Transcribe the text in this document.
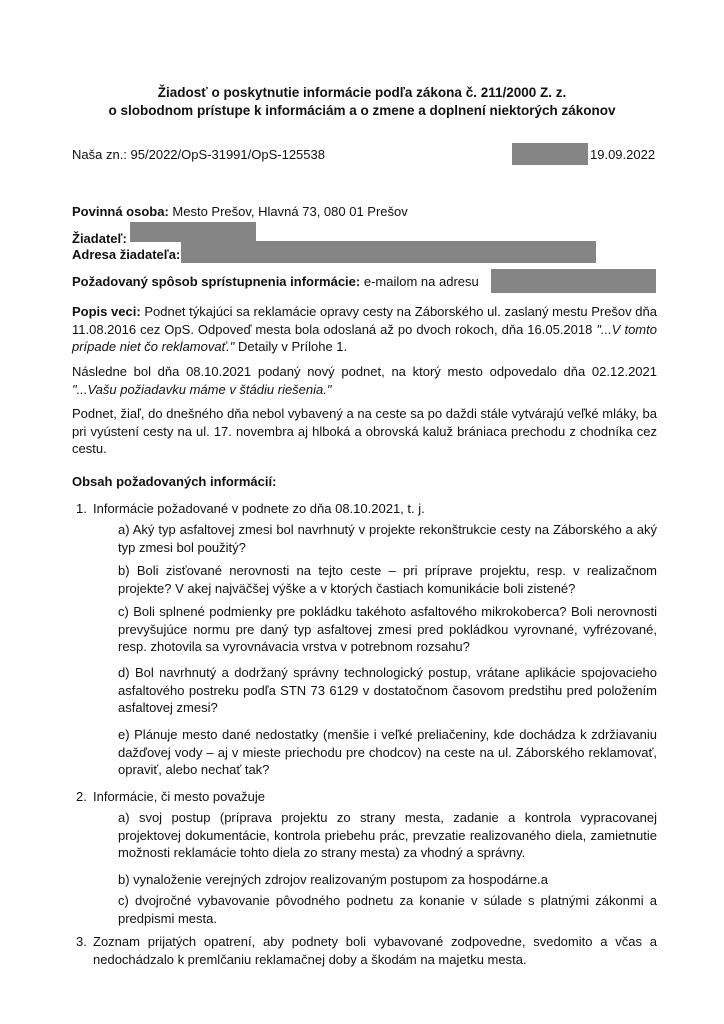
Žiadosť o poskytnutie informácie podľa zákona č. 211/2000 Z. z.
o slobodnom prístupe k informáciám a o zmene a doplnení niektorých zákonov
Naša zn.: 95/2022/OpS-31991/OpS-125538	19.09.2022
Povinná osoba: Mesto Prešov, Hlavná 73, 080 01 Prešov
Žiadateľ:
Adresa žiadateľa:
Požadovaný spôsob sprístupnenia informácie: e-mailom na adresu
Popis veci: Podnet týkajúci sa reklamácie opravy cesty na Záborského ul. zaslaný mestu Prešov dňa 11.08.2016 cez OpS. Odpoveď mesta bola odoslaná až po dvoch rokoch, dňa 16.05.2018 "...V tomto prípade niet čo reklamovať." Detaily v Prílohe 1.
Následne bol dňa 08.10.2021 podaný nový podnet, na ktorý mesto odpovedalo dňa 02.12.2021 "...Vašu požiadavku máme v štádiu riešenia."
Podnet, žiaľ, do dnešného dňa nebol vybavený a na ceste sa po daždi stále vytvárajú veľké mláky, ba pri vyústení cesty na ul. 17. novembra aj hlboká a obrovská kaluž brániaca prechodu z chodníka cez cestu.
Obsah požadovaných informácií:
1. Informácie požadované v podnete zo dňa 08.10.2021, t. j.
a) Aký typ asfaltovej zmesi bol navrhnutý v projekte rekonštrukcie cesty na Záborského a aký typ zmesi bol použitý?
b) Boli zisťované nerovnosti na tejto ceste – pri príprave projektu, resp. v realizačnom projekte? V akej najväčšej výške a v ktorých častiach komunikácie boli zistené?
c) Boli splnené podmienky pre pokládku takéhoto asfaltového mikrokoberca? Boli nerovnosti prevyšujúce normu pre daný typ asfaltovej zmesi pred pokládkou vyrovnané, vyfrézované, resp. zhotovila sa vyrovnávacia vrstva v potrebnom rozsahu?
d) Bol navrhnutý a dodržaný správny technologický postup, vrátane aplikácie spojovacieho asfaltového postreku podľa STN 73 6129 v dostatočnom časovom predstihu pred položením asfaltovej zmesi?
e) Plánuje mesto dané nedostatky (menšie i veľké preliačeniny, kde dochádza k zdržiavaniu dažďovej vody – aj v mieste priechodu pre chodcov) na ceste na ul. Záborského reklamovať, opraviť, alebo nechať tak?
2. Informácie, či mesto považuje
a) svoj postup (príprava projektu zo strany mesta, zadanie a kontrola vypracovanej projektovej dokumentácie, kontrola priebehu prác, prevzatie realizovaného diela, zamietnutie možnosti reklamácie tohto diela zo strany mesta) za vhodný a správny.
b) vynaloženie verejných zdrojov realizovaným postupom za hospodárne.a
c) dvojročné vybavovanie pôvodného podnetu za konanie v súlade s platnými zákonmi a predpismi mesta.
3. Zoznam prijatých opatrení, aby podnety boli vybavované zodpovedne, svedomito a včas a nedochádzalo k premlčaniu reklamačnej doby a škodám na majetku mesta.
